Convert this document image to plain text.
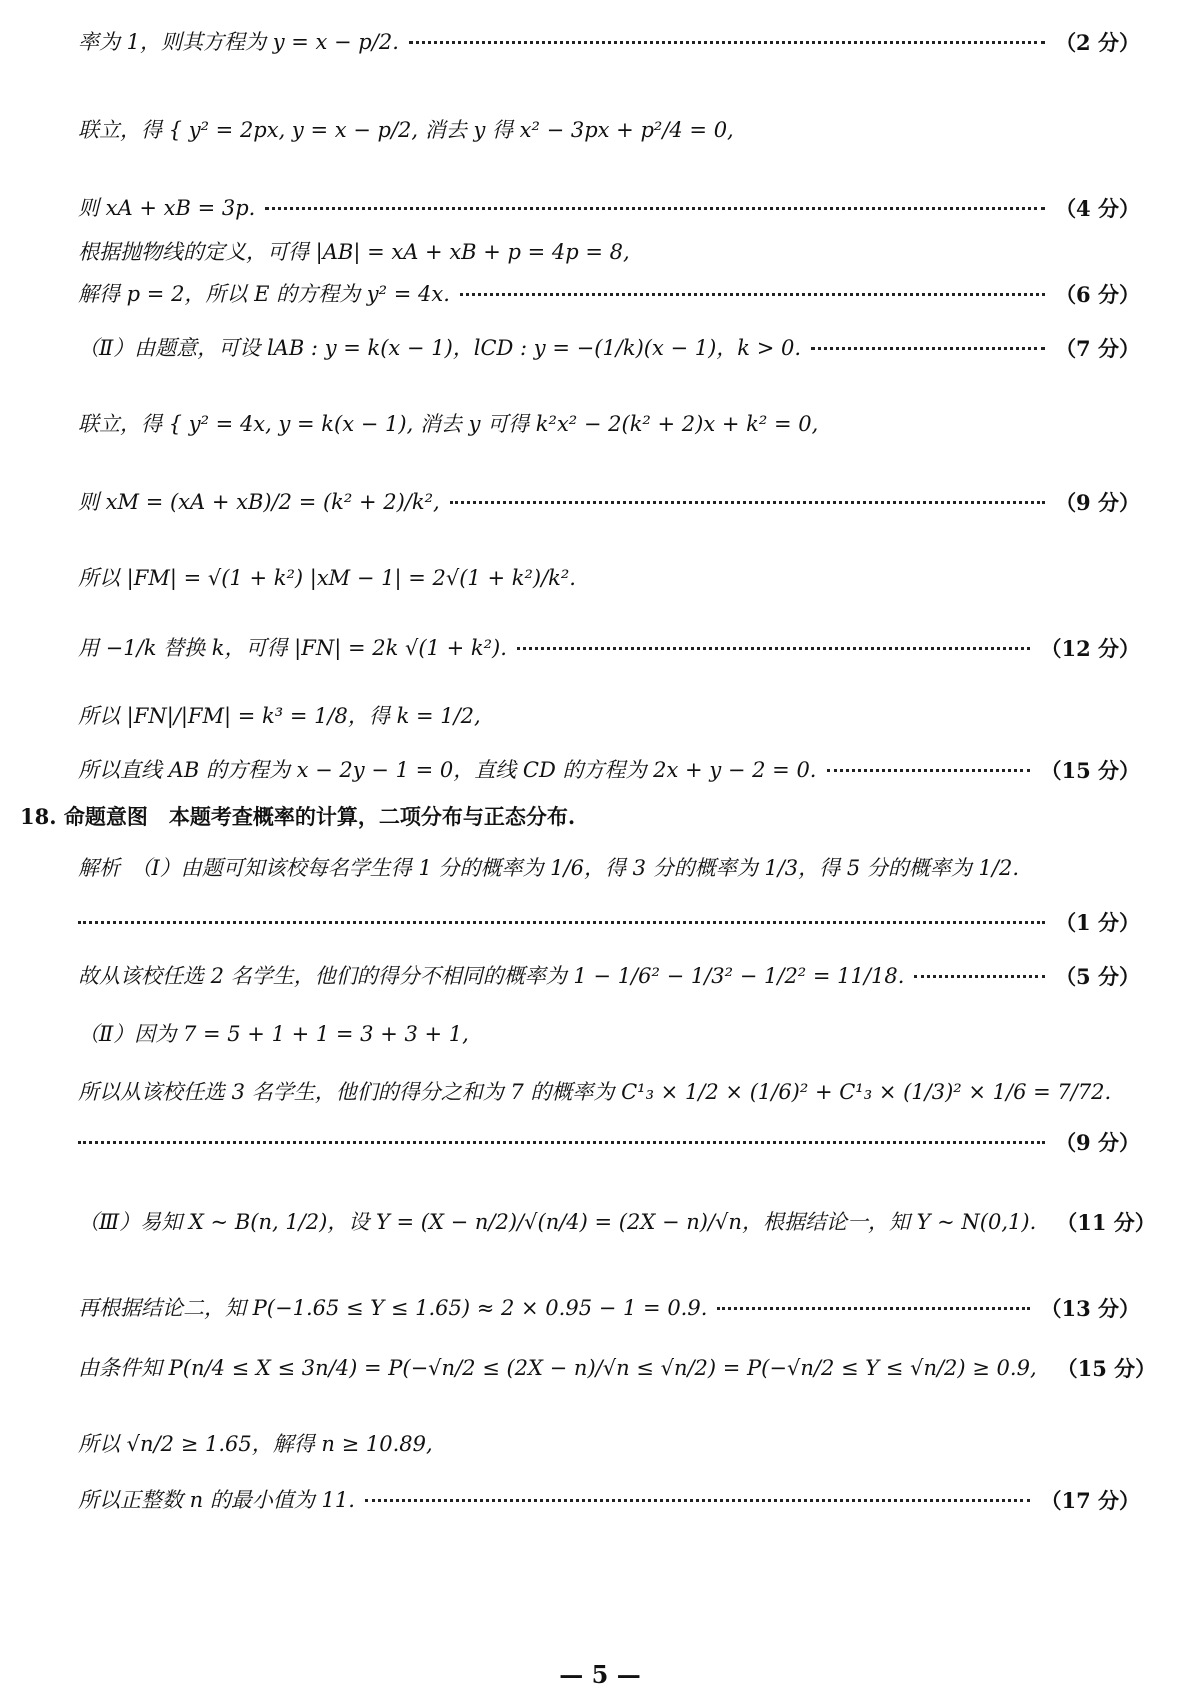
率为 1，则其方程为 y = x − p/2.	（2 分）
联立，得 { y² = 2px, y = x − p/2, 消去 y 得 x² − 3px + p²/4 = 0,
则 xA + xB = 3p.	（4 分）
根据抛物线的定义，可得 |AB| = xA + xB + p = 4p = 8,
解得 p = 2，所以 E 的方程为 y² = 4x.	（6 分）
（Ⅱ）由题意，可设 lAB : y = k(x − 1)，lCD : y = −(1/k)(x − 1)，k > 0.	（7 分）
联立，得 { y² = 4x, y = k(x − 1), 消去 y 可得 k²x² − 2(k² + 2)x + k² = 0,
则 xM = (xA + xB)/2 = (k² + 2)/k²,	（9 分）
所以 |FM| = √(1 + k²) |xM − 1| = 2√(1 + k²)/k².
用 −1/k 替换 k，可得 |FN| = 2k √(1 + k²).	（12 分）
所以 |FN|/|FM| = k³ = 1/8，得 k = 1/2,
所以直线 AB 的方程为 x − 2y − 1 = 0，直线 CD 的方程为 2x + y − 2 = 0.	（15 分）
18. 命题意图　本题考查概率的计算，二项分布与正态分布.
解析　（Ⅰ）由题可知该校每名学生得 1 分的概率为 1/6，得 3 分的概率为 1/3，得 5 分的概率为 1/2.
（1 分）
故从该校任选 2 名学生，他们的得分不相同的概率为 1 − 1/6² − 1/3² − 1/2² = 11/18.	（5 分）
（Ⅱ）因为 7 = 5 + 1 + 1 = 3 + 3 + 1,
所以从该校任选 3 名学生，他们的得分之和为 7 的概率为 C¹₃ × 1/2 × (1/6)² + C¹₃ × (1/3)² × 1/6 = 7/72.
（9 分）
（Ⅲ）易知 X ~ B(n, 1/2)，设 Y = (X − n/2)/√(n/4) = (2X − n)/√n，根据结论一，知 Y ~ N(0,1). （11 分）
再根据结论二，知 P(−1.65 ≤ Y ≤ 1.65) ≈ 2 × 0.95 − 1 = 0.9.	（13 分）
由条件知 P(n/4 ≤ X ≤ 3n/4) = P(−√n/2 ≤ (2X − n)/√n ≤ √n/2) = P(−√n/2 ≤ Y ≤ √n/2) ≥ 0.9, （15 分）
所以 √n/2 ≥ 1.65，解得 n ≥ 10.89,
所以正整数 n 的最小值为 11.	（17 分）
— 5 —
